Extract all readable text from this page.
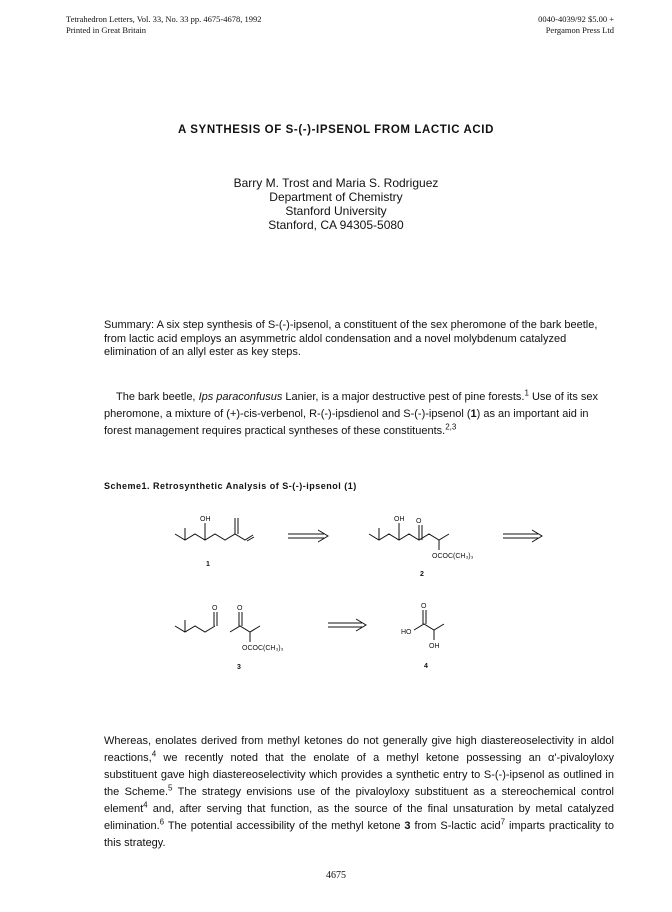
Tetrahedron Letters, Vol. 33, No. 33 pp. 4675-4678, 1992
Printed in Great Britain
0040-4039/92 $5.00 +
Pergamon Press Ltd
A SYNTHESIS OF S-(-)-IPSENOL FROM LACTIC ACID
Barry M. Trost and Maria S. Rodriguez
Department of Chemistry
Stanford University
Stanford, CA 94305-5080
Summary: A six step synthesis of S-(-)-ipsenol, a constituent of the sex pheromone of the bark beetle, from lactic acid employs an asymmetric aldol condensation and a novel molybdenum catalyzed elimination of an allyl ester as key steps.

The bark beetle, Ips paraconfusus Lanier, is a major destructive pest of pine forests.$^1$ Use of its sex pheromone, a mixture of (+)-cis-verbenol, R-(-)-ipsdienol and S-(-)-ipsenol (1) as an important aid in forest management requires practical syntheses of these constituents.$^{2,3}$

Scheme1. Retrosynthetic Analysis of S-(-)-ipsenol (1)
OH
1
OH O
OCOC(CH₃)₃
2
O	O
OCOC(CH₃)₃
3
O
HO
OH
4

Whereas, enolates derived from methyl ketones do not generally give high diastereoselectivity in aldol reactions,$^4$ we recently noted that the enolate of a methyl ketone possessing an α'-pivaloyloxy substituent gave high diastereoselectivity which provides a synthetic entry to S-(-)-ipsenol as outlined in the Scheme.$^5$ The strategy envisions use of the pivaloyloxy substituent as a stereochemical control element$^4$ and, after serving that function, as the source of the final unsaturation by metal catalyzed elimination.$^6$ The potential accessibility of the methyl ketone 3 from S-lactic acid$^7$ imparts practicality to this strategy.

4675
